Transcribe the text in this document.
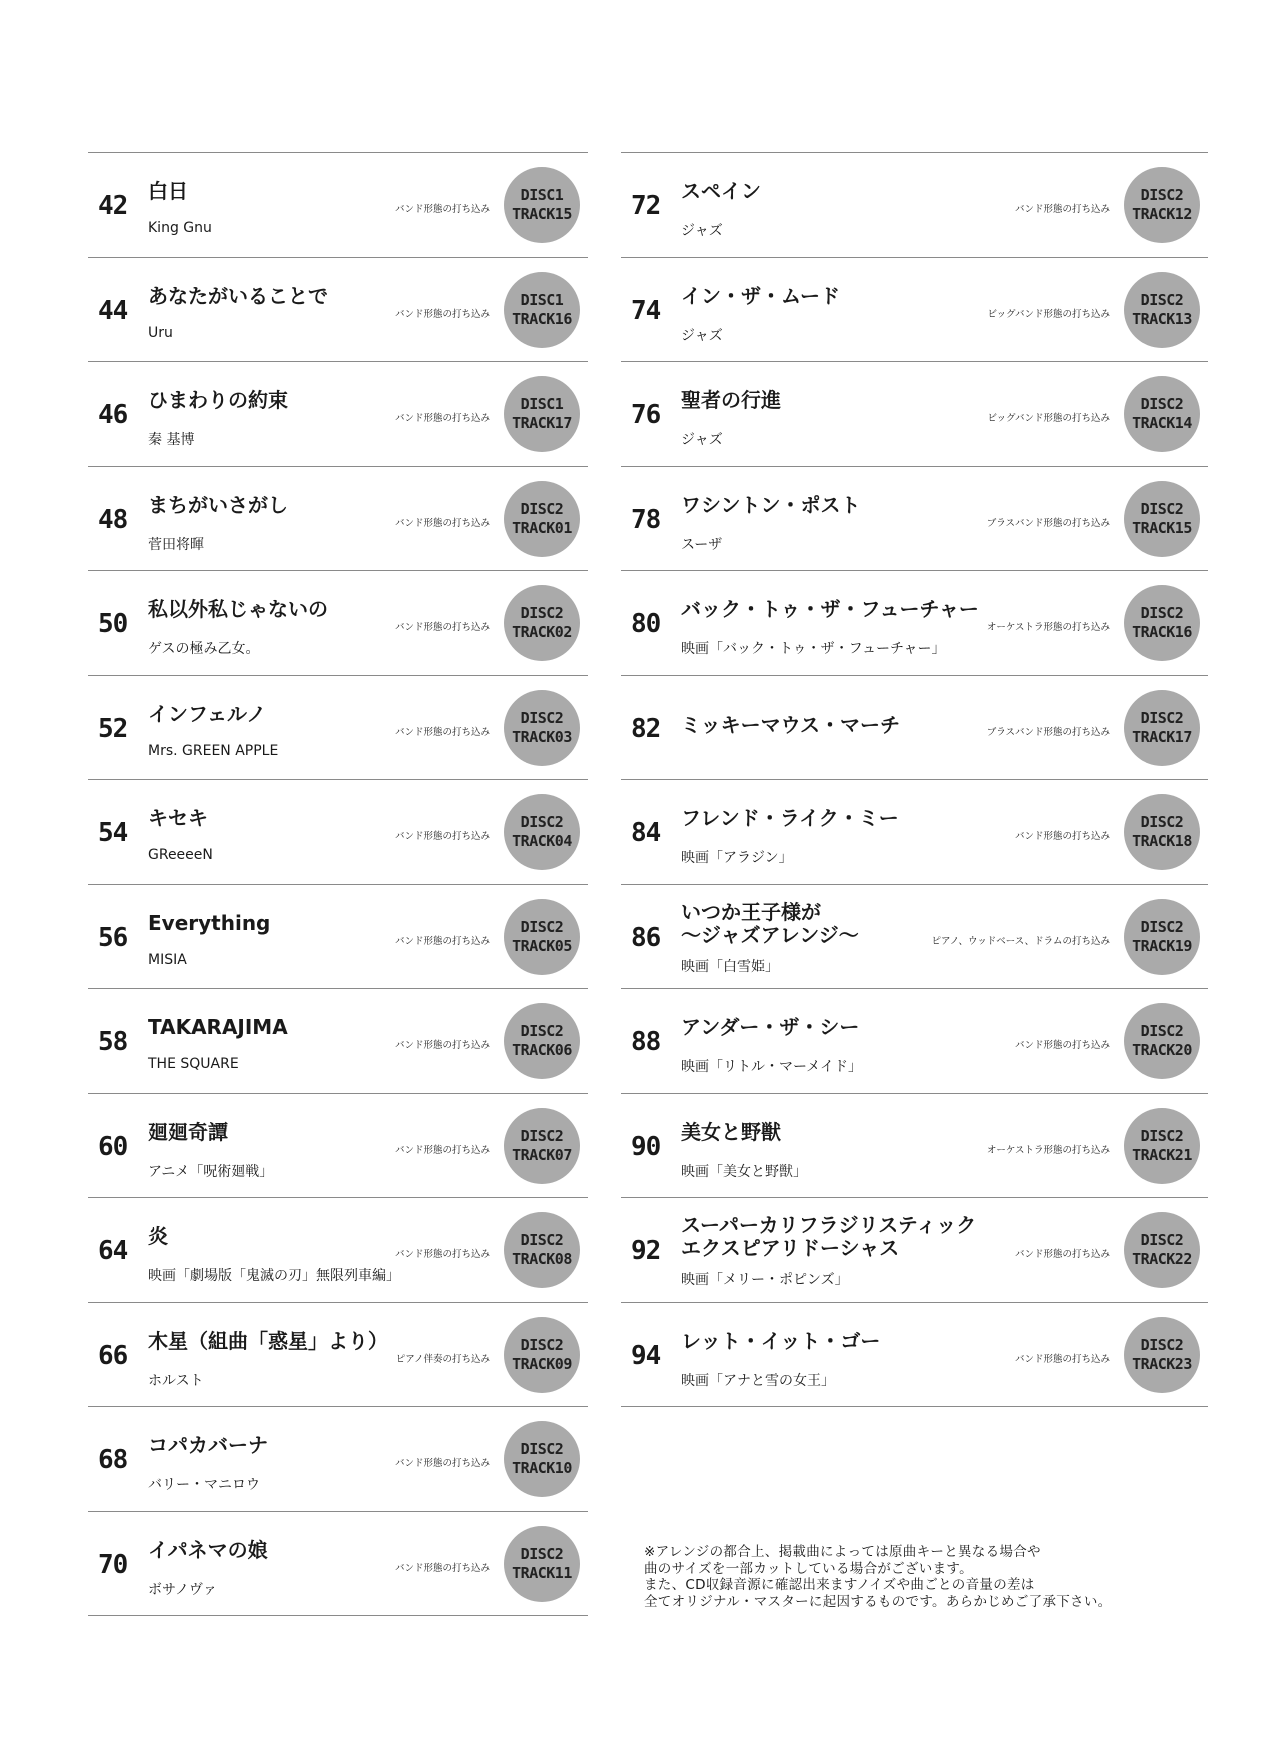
42 白日
King Gnu
バンド形態の打ち込み
DISC1
TRACK15
44 あなたがいることで
Uru
バンド形態の打ち込み
DISC1
TRACK16
46 ひまわりの約束
秦 基博
バンド形態の打ち込み
DISC1
TRACK17
48 まちがいさがし
菅田将暉
バンド形態の打ち込み
DISC2
TRACK01
50 私以外私じゃないの
ゲスの極み乙女。
バンド形態の打ち込み
DISC2
TRACK02
52 インフェルノ
Mrs. GREEN APPLE
バンド形態の打ち込み
DISC2
TRACK03
54 キセキ
GReeeeN
バンド形態の打ち込み
DISC2
TRACK04
56 Everything
MISIA
バンド形態の打ち込み
DISC2
TRACK05
58 TAKARAJIMA
THE SQUARE
バンド形態の打ち込み
DISC2
TRACK06
60 廻廻奇譚
アニメ「呪術廻戦」
バンド形態の打ち込み
DISC2
TRACK07
64 炎
映画「劇場版「鬼滅の刃」無限列車編」
バンド形態の打ち込み
DISC2
TRACK08
66 木星（組曲「惑星」より）
ホルスト
ピアノ伴奏の打ち込み
DISC2
TRACK09
68 コパカバーナ
バリー・マニロウ
バンド形態の打ち込み
DISC2
TRACK10
70 イパネマの娘
ボサノヴァ
バンド形態の打ち込み
DISC2
TRACK11
72 スペイン
ジャズ
バンド形態の打ち込み
DISC2
TRACK12
74 イン・ザ・ムード
ジャズ
ビッグバンド形態の打ち込み
DISC2
TRACK13
76 聖者の行進
ジャズ
ビッグバンド形態の打ち込み
DISC2
TRACK14
78 ワシントン・ポスト
スーザ
ブラスバンド形態の打ち込み
DISC2
TRACK15
80 バック・トゥ・ザ・フューチャー
映画「バック・トゥ・ザ・フューチャー」
オーケストラ形態の打ち込み
DISC2
TRACK16
82 ミッキーマウス・マーチ	ブラスバンド形態の打ち込み
DISC2
TRACK17
84 フレンド・ライク・ミー
映画「アラジン」
バンド形態の打ち込み
DISC2
TRACK18
86
いつか王子様が
〜ジャズアレンジ〜
映画「白雪姫」
ピアノ、ウッドベース、ドラムの打ち込み
DISC2
TRACK19
88 アンダー・ザ・シー
映画「リトル・マーメイド」
バンド形態の打ち込み
DISC2
TRACK20
90 美女と野獣
映画「美女と野獣」
オーケストラ形態の打ち込み
DISC2
TRACK21
92
スーパーカリフラジリスティック
エクスピアリドーシャス
映画「メリー・ポピンズ」
バンド形態の打ち込み
DISC2
TRACK22
94 レット・イット・ゴー
映画「アナと雪の女王」
バンド形態の打ち込み
DISC2
TRACK23
※アレンジの都合上、掲載曲によっては原曲キーと異なる場合や
曲のサイズを一部カットしている場合がございます。
また、CD収録音源に確認出来ますノイズや曲ごとの音量の差は
全てオリジナル・マスターに起因するものです。あらかじめご了承下さい。
